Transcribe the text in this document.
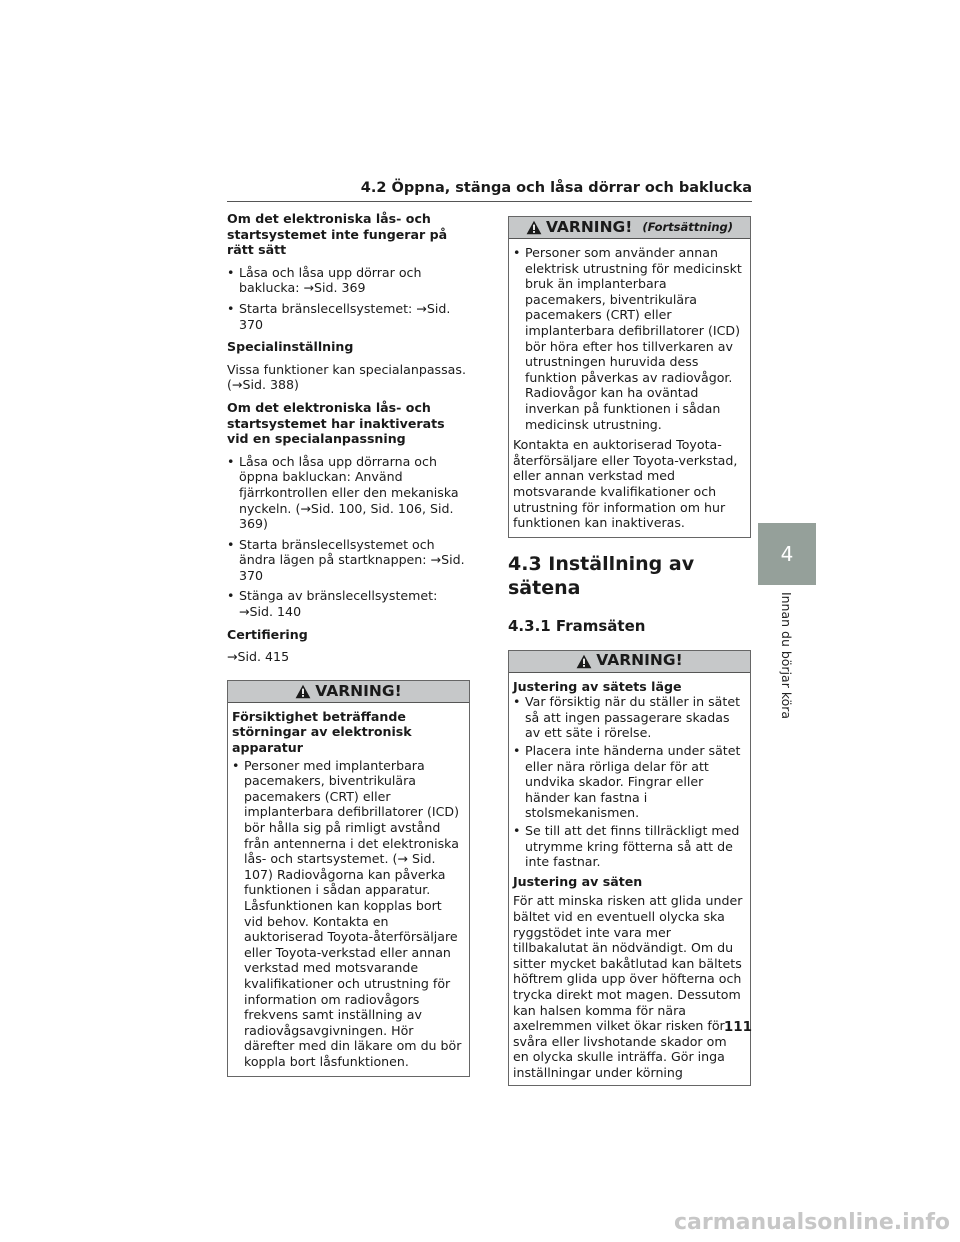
4.2 Öppna, stänga och låsa dörrar och baklucka
Om det elektroniska lås- och startsystemet inte fungerar på rätt sätt
• Låsa och låsa upp dörrar och baklucka: →Sid. 369
• Starta bränslecellsystemet: →Sid. 370
Specialinställning
Vissa funktioner kan specialanpassas. (→Sid. 388)
Om det elektroniska lås- och startsystemet har inaktiverats vid en specialanpassning
• Låsa och låsa upp dörrarna och öppna bakluckan: Använd fjärrkontrollen eller den mekaniska nyckeln. (→Sid. 100, Sid. 106, Sid. 369)
• Starta bränslecellsystemet och ändra lägen på startknappen: →Sid. 370
• Stänga av bränslecellsystemet: →Sid. 140
Certifiering
→Sid. 415
VARNING!
Försiktighet beträffande störningar av elektronisk apparatur
• Personer med implanterbara pacemakers, biventrikulära pacemakers (CRT) eller implanterbara defibrillatorer (ICD) bör hålla sig på rimligt avstånd från antennerna i det elektroniska lås- och startsystemet. (→ Sid. 107) Radiovågorna kan påverka funktionen i sådan apparatur. Låsfunktionen kan kopplas bort vid behov. Kontakta en auktoriserad Toyota-återförsäljare eller Toyota-verkstad eller annan verkstad med motsvarande kvalifikationer och utrustning för information om radiovågors frekvens samt inställning av radiovågsavgivningen. Hör därefter med din läkare om du bör koppla bort låsfunktionen.
VARNING! (Fortsättning)
• Personer som använder annan elektrisk utrustning för medicinskt bruk än implanterbara pacemakers, biventrikulära pacemakers (CRT) eller implanterbara defibrillatorer (ICD) bör höra efter hos tillverkaren av utrustningen huruvida dess funktion påverkas av radiovågor. Radiovågor kan ha oväntad inverkan på funktionen i sådan medicinsk utrustning.
Kontakta en auktoriserad Toyota-återförsäljare eller Toyota-verkstad, eller annan verkstad med motsvarande kvalifikationer och utrustning för information om hur funktionen kan inaktiveras.
4.3 Inställning av sätena
4.3.1 Framsäten
VARNING!
Justering av sätets läge
• Var försiktig när du ställer in sätet så att ingen passagerare skadas av ett säte i rörelse.
• Placera inte händerna under sätet eller nära rörliga delar för att undvika skador. Fingrar eller händer kan fastna i stolsmekanismen.
• Se till att det finns tillräckligt med utrymme kring fötterna så att de inte fastnar.
Justering av säten
För att minska risken att glida under bältet vid en eventuell olycka ska ryggstödet inte vara mer tillbakalutat än nödvändigt. Om du sitter mycket bakåtlutad kan bältets höftrem glida upp över höfterna och trycka direkt mot magen. Dessutom kan halsen komma för nära axelremmen vilket ökar risken för svåra eller livshotande skador om en olycka skulle inträffa. Gör inga inställningar under körning
4
Innan du börjar köra
111
carmanualsonline.info
